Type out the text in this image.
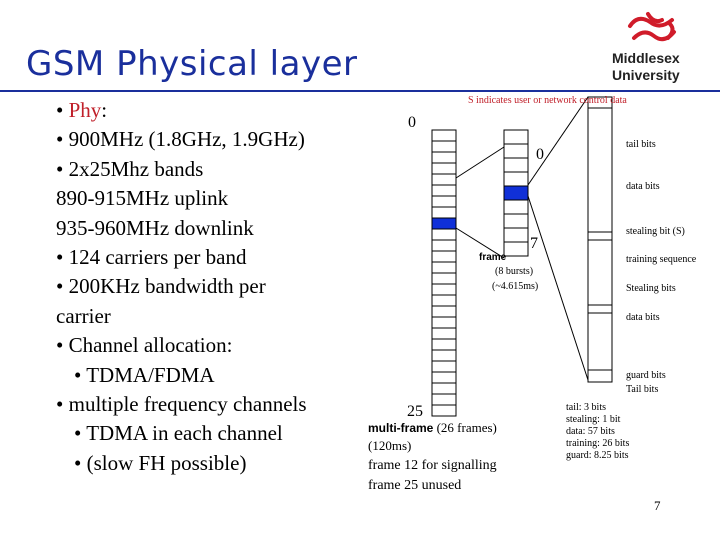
GSM Physical layer	Middlesex
University
• Phy:
• 900MHz (1.8GHz, 1.9GHz)
• 2x25Mhz bands
890-915MHz uplink
935-960MHz downlink
• 124 carriers per band
• 200KHz bandwidth per
carrier
• Channel allocation:
• TDMA/FDMA
• multiple frequency channels
• TDMA in each channel
• (slow FH possible)
S indicates user or network control data
0
25
multi-frame (26 frames)
(120ms)
frame 12 for signalling
frame 25 unused
0
7
frame
(8 bursts)
(~4.615ms)
tail bits
data bits
stealing bit (S)
training sequence
Stealing bits
data bits
guard bits
Tail bits
tail: 3 bits
stealing: 1 bit
data: 57 bits
training: 26 bits
guard: 8.25 bits
7
